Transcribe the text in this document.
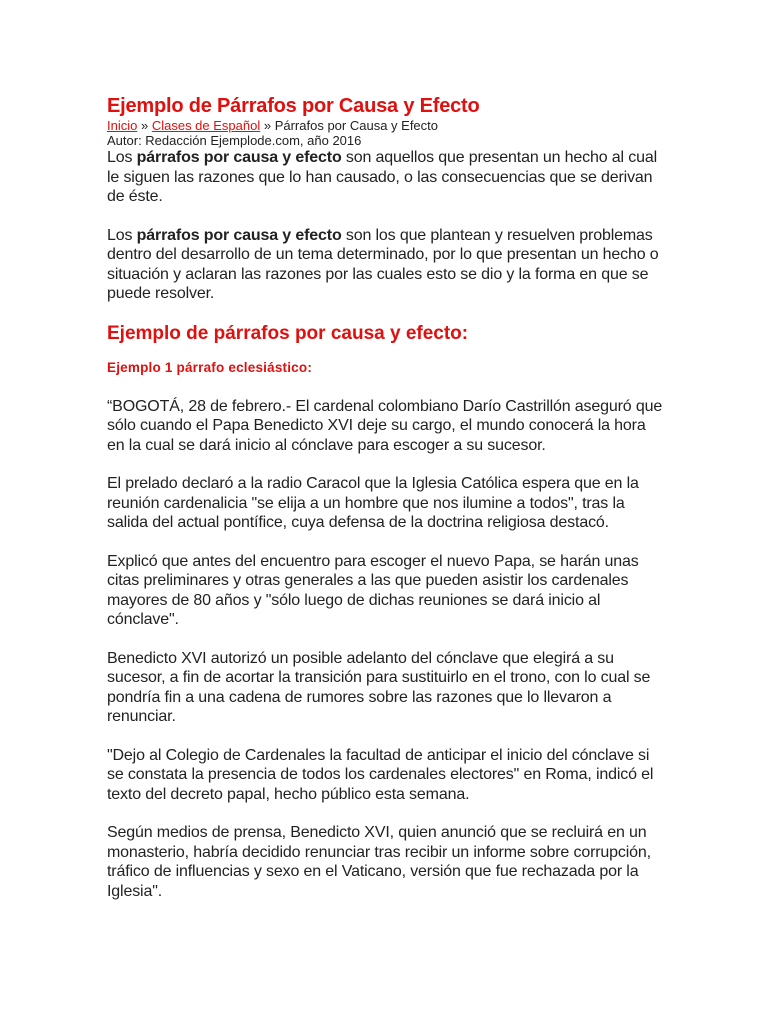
Ejemplo de Párrafos por Causa y Efecto
Inicio » Clases de Español » Párrafos por Causa y Efecto
Autor: Redacción Ejemplode.com, año 2016

Los párrafos por causa y efecto son aquellos que presentan un hecho al cual le siguen las razones que lo han causado, o las consecuencias que se derivan de éste.

Los párrafos por causa y efecto son los que plantean y resuelven problemas dentro del desarrollo de un tema determinado, por lo que presentan un hecho o situación y aclaran las razones por las cuales esto se dio y la forma en que se puede resolver.

Ejemplo de párrafos por causa y efecto:
Ejemplo 1 párrafo eclesiástico:

“BOGOTÁ, 28 de febrero.- El cardenal colombiano Darío Castrillón aseguró que sólo cuando el Papa Benedicto XVI deje su cargo, el mundo conocerá la hora en la cual se dará inicio al cónclave para escoger a su sucesor.

El prelado declaró a la radio Caracol que la Iglesia Católica espera que en la reunión cardenalicia "se elija a un hombre que nos ilumine a todos", tras la salida del actual pontífice, cuya defensa de la doctrina religiosa destacó.

Explicó que antes del encuentro para escoger el nuevo Papa, se harán unas citas preliminares y otras generales a las que pueden asistir los cardenales mayores de 80 años y "sólo luego de dichas reuniones se dará inicio al cónclave".

Benedicto XVI autorizó un posible adelanto del cónclave que elegirá a su sucesor, a fin de acortar la transición para sustituirlo en el trono, con lo cual se pondría fin a una cadena de rumores sobre las razones que lo llevaron a renunciar.

"Dejo al Colegio de Cardenales la facultad de anticipar el inicio del cónclave si se constata la presencia de todos los cardenales electores" en Roma, indicó el texto del decreto papal, hecho público esta semana.

Según medios de prensa, Benedicto XVI, quien anunció que se recluirá en un monasterio, habría decidido renunciar tras recibir un informe sobre corrupción, tráfico de influencias y sexo en el Vaticano, versión que fue rechazada por la Iglesia".
